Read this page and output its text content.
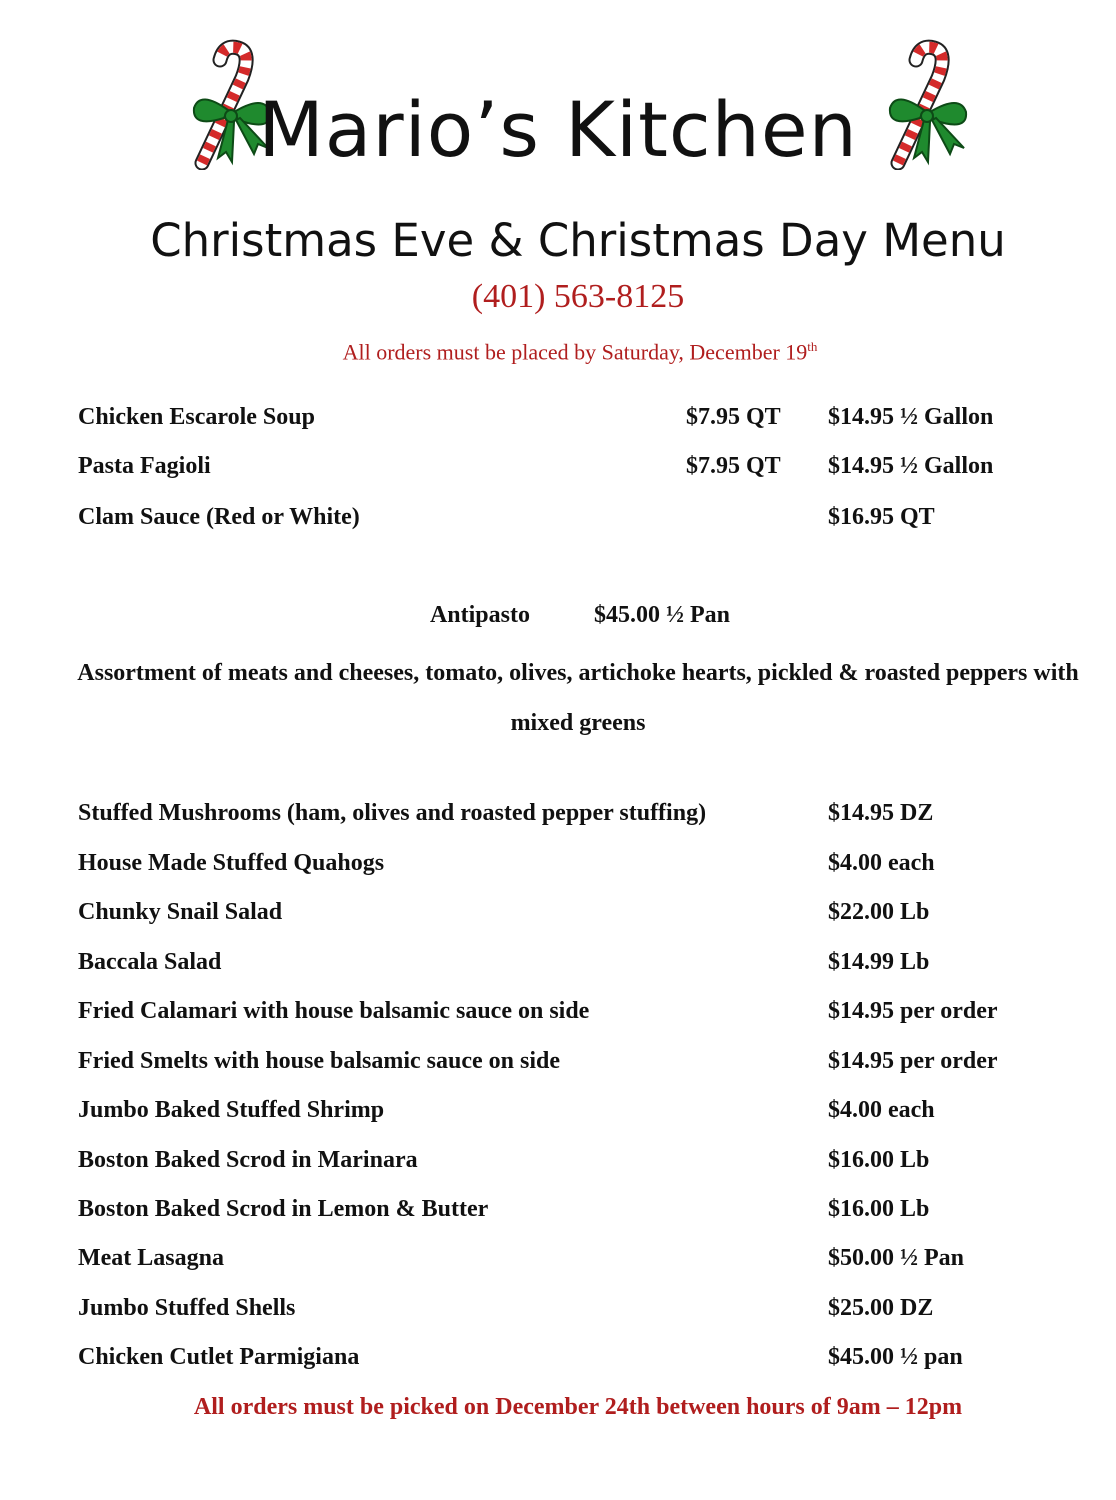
Mario’s Kitchen
Christmas Eve & Christmas Day Menu
(401) 563-8125
All orders must be placed by Saturday, December 19th
Chicken Escarole Soup	$7.95 QT $14.95 ½ Gallon
Pasta Fagioli	$7.95 QT $14.95 ½ Gallon
Clam Sauce (Red or White)	$16.95 QT
Antipasto	$45.00 ½ Pan
Assortment of meats and cheeses, tomato, olives, artichoke hearts, pickled & roasted peppers with mixed greens
Stuffed Mushrooms (ham, olives and roasted pepper stuffing)	$14.95 DZ
House Made Stuffed Quahogs	$4.00 each
Chunky Snail Salad	$22.00 Lb
Baccala Salad	$14.99 Lb
Fried Calamari with house balsamic sauce on side	$14.95 per order
Fried Smelts with house balsamic sauce on side	$14.95 per order
Jumbo Baked Stuffed Shrimp	$4.00 each
Boston Baked Scrod in Marinara	$16.00 Lb
Boston Baked Scrod in Lemon & Butter	$16.00 Lb
Meat Lasagna	$50.00 ½ Pan
Jumbo Stuffed Shells	$25.00 DZ
Chicken Cutlet Parmigiana	$45.00 ½ pan
All orders must be picked on December 24th between hours of 9am – 12pm
